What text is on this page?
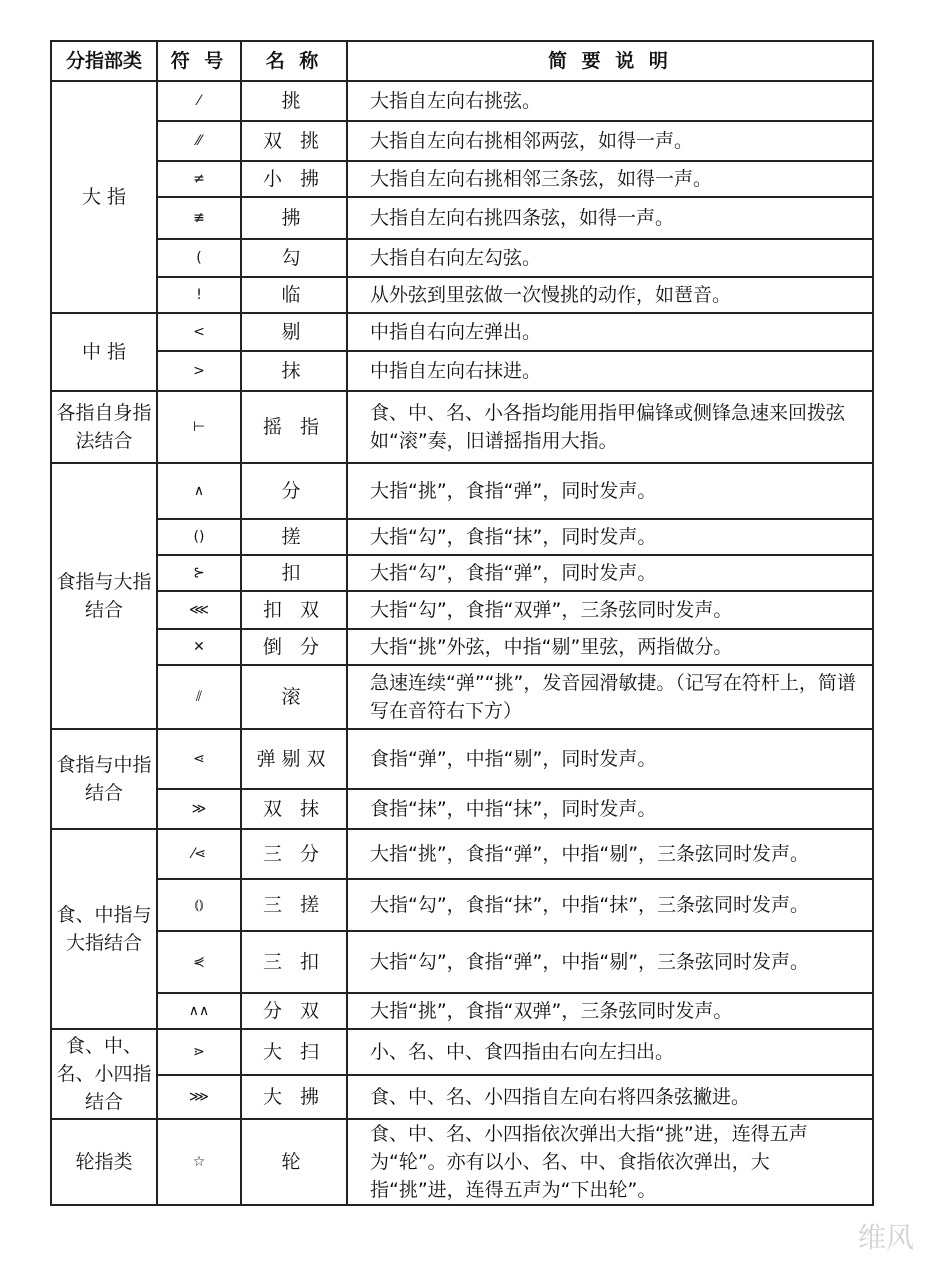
分指部类	符 号	名 称	简 要 说 明
大 指	⁄	挑	大指自左向右挑弦。
	⁄⁄	双 挑	大指自左向右挑相邻两弦，如得一声。
	≠	小 拂	大指自左向右挑相邻三条弦，如得一声。
	≢	拂	大指自左向右挑四条弦，如得一声。
	(	勾	大指自右向左勾弦。
	!	临	从外弦到里弦做一次慢挑的动作，如琶音。
中 指	<	剔	中指自右向左弹出。
	>	抹	中指自左向右抹进。
各指自身指法结合	⊢	摇 指	食、中、名、小各指均能用指甲偏锋或侧锋急速来回拨弦如“滚”奏，旧谱摇指用大指。
食指与大指结合	∧	分	大指“挑”，食指“弹”，同时发声。
	()	搓	大指“勾”，食指“抹”，同时发声。
	⊱	扣	大指“勾”，食指“弹”，同时发声。
	⋘	扣 双	大指“勾”，食指“双弹”，三条弦同时发声。
	✕	倒 分	大指“挑”外弦，中指“剔”里弦，两指做分。
	⫽	滚	急速连续“弹”“挑”，发音园滑敏捷。（记写在符杆上，简谱写在音符右下方）
食指与中指结合	⋖	弹剔双	食指“弹”，中指“剔”，同时发声。
	≫	双 抹	食指“抹”，中指“抹”，同时发声。
食、中指与大指结合	⁄⋖	三 分	大指“挑”，食指“弹”，中指“剔”，三条弦同时发声。
	⦅⦆	三 搓	大指“勾”，食指“抹”，中指“抹”，三条弦同时发声。
	⋞	三 扣	大指“勾”，食指“弹”，中指“剔”，三条弦同时发声。
	∧∧	分 双	大指“挑”，食指“双弹”，三条弦同时发声。
食、中、名、小四指结合	⋗	大 扫	小、名、中、食四指由右向左扫出。
	⋙	大 拂	食、中、名、小四指自左向右将四条弦撇进。
轮指类	☆	轮	食、中、名、小四指依次弹出大指“挑”进，连得五声为“轮”。亦有以小、名、中、食指依次弹出，大指“挑”进，连得五声为“下出轮”。
维风
